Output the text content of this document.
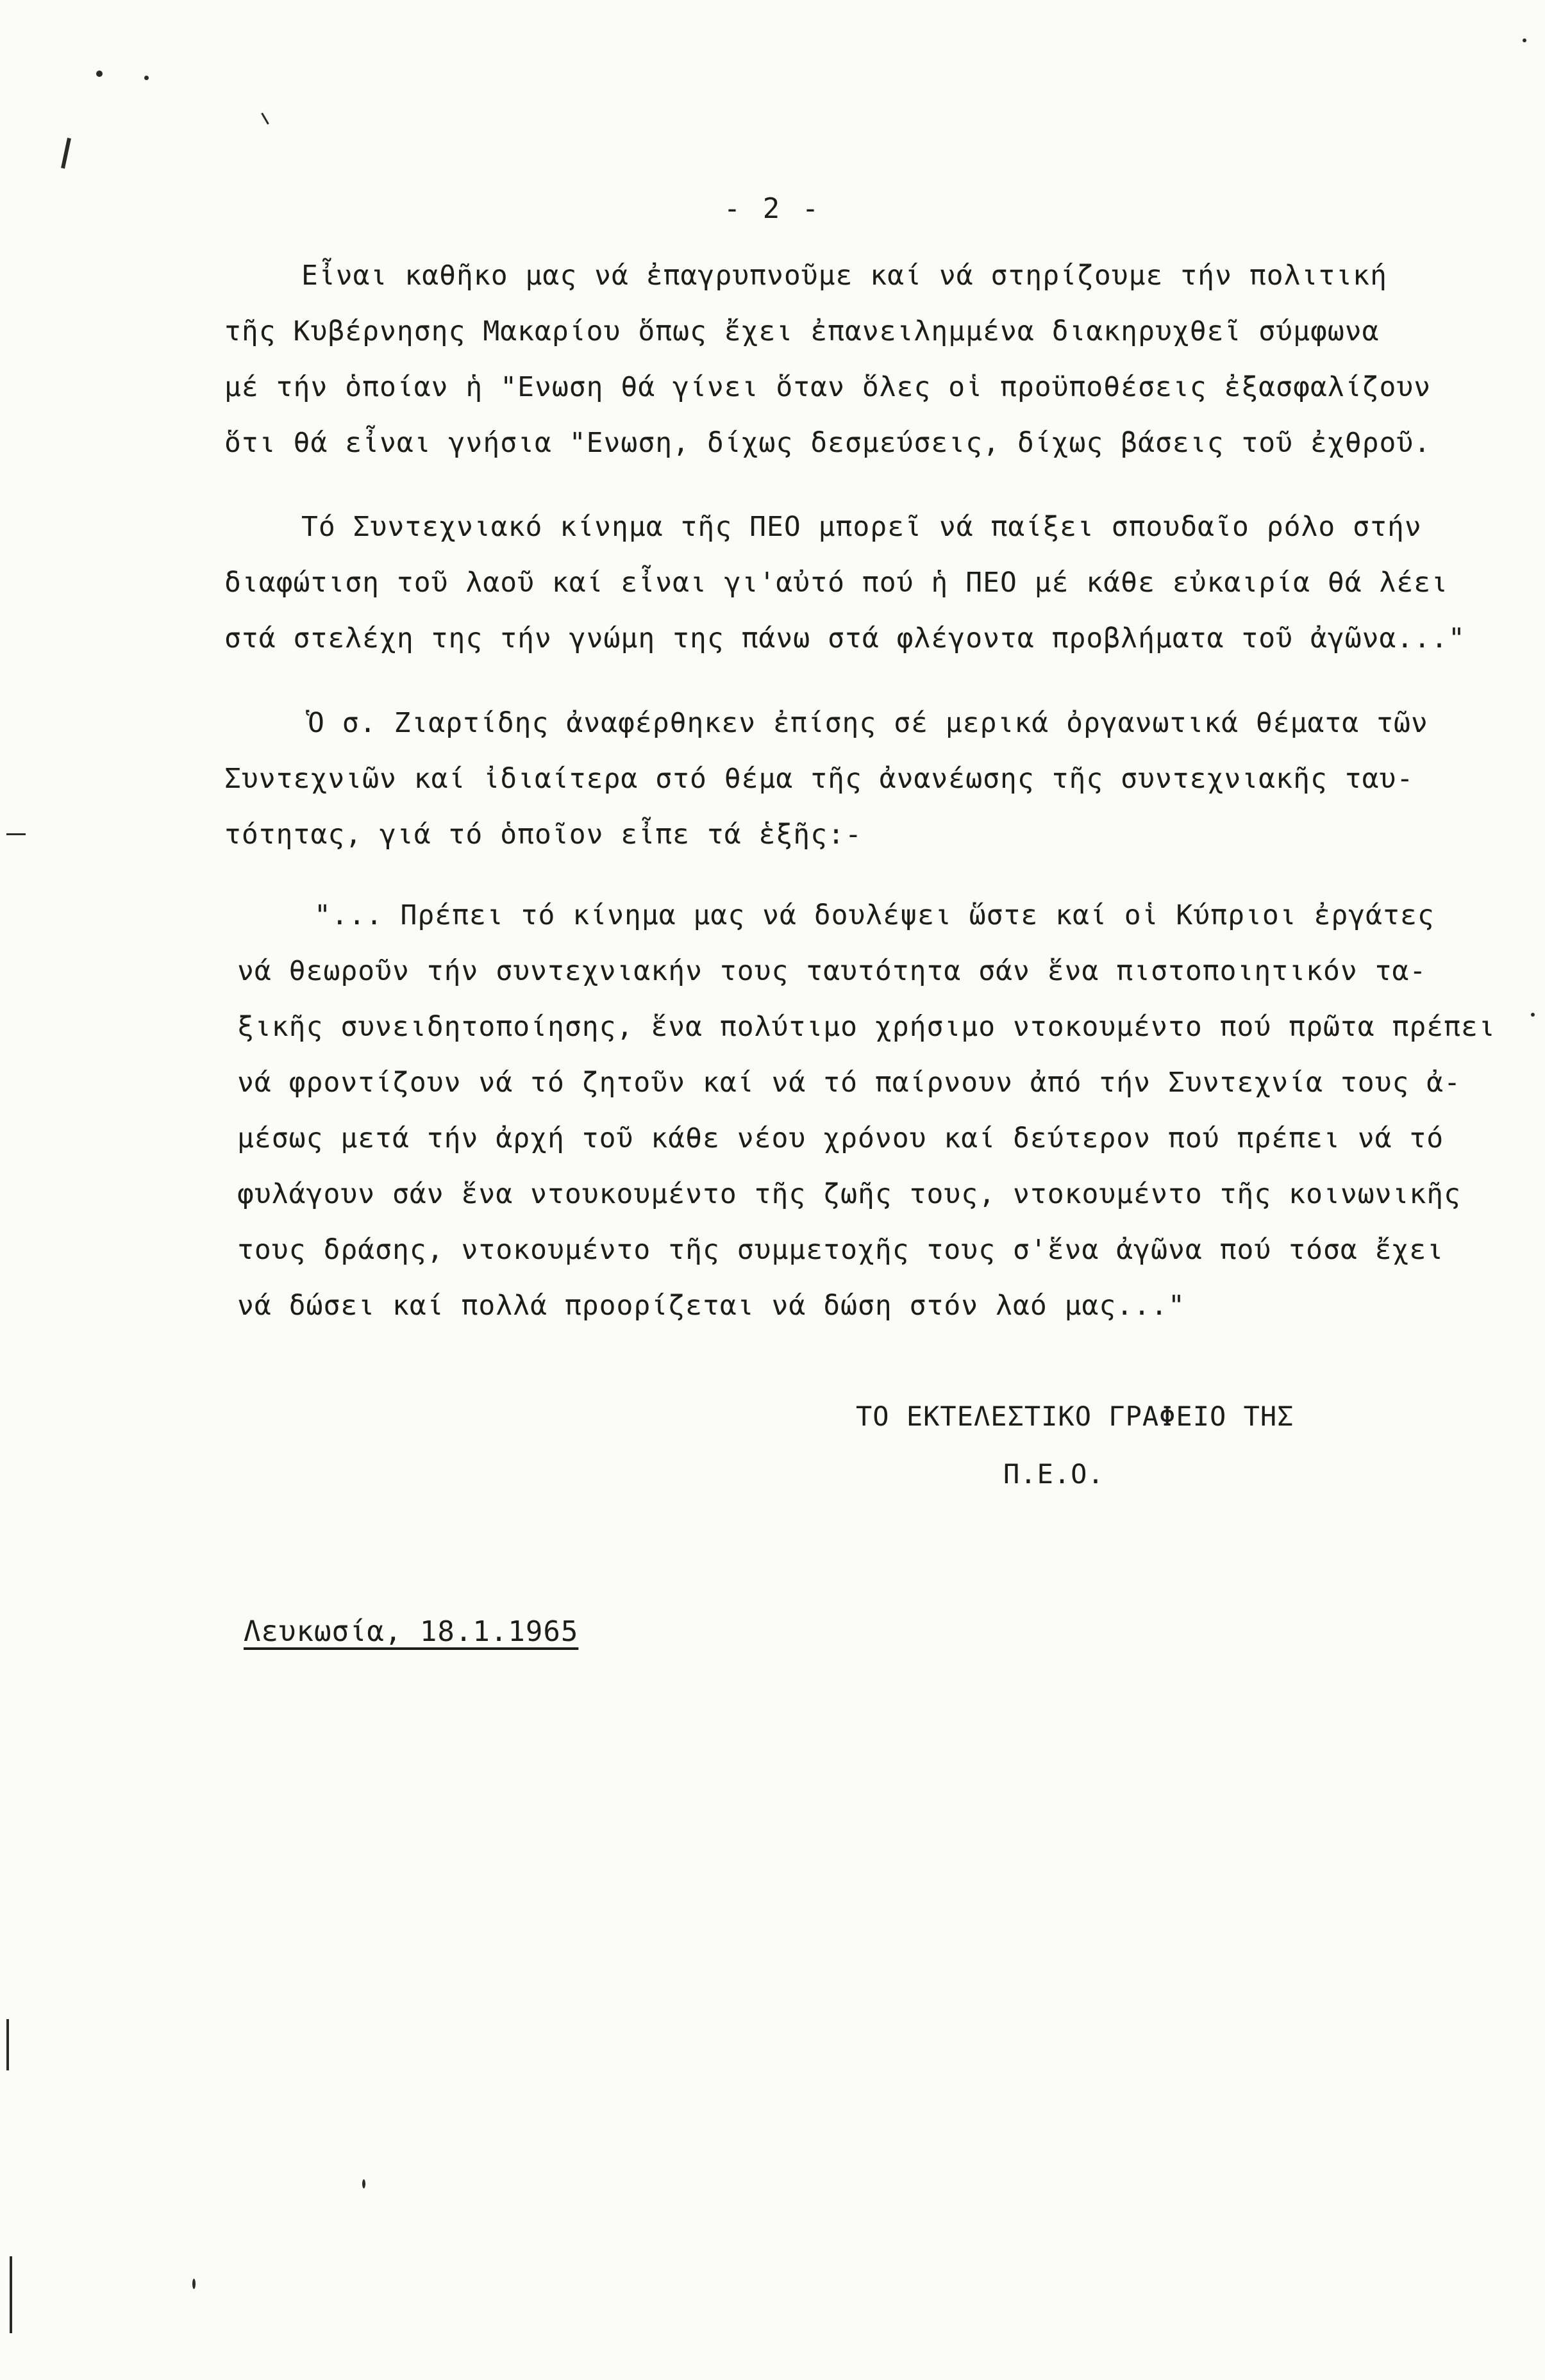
- 2 -
Εἶναι καθῆκο μας νά ἐπαγρυπνοῦμε καί νά στηρίζουμε τήν πολιτική
τῆς Κυβέρνησης Μακαρίου ὅπως ἔχει ἐπανειλημμένα διακηρυχθεῖ σύμφωνα
μέ τήν ὁποίαν ἡ "Ενωση θά γίνει ὅταν ὅλες οἱ προϋποθέσεις ἐξασφαλίζουν
ὅτι θά εἶναι γνήσια "Ενωση, δίχως δεσμεύσεις, δίχως βάσεις τοῦ ἐχθροῦ.
Τό Συντεχνιακό κίνημα τῆς ΠΕΟ μπορεῖ νά παίξει σπουδαῖο ρόλο στήν
διαφώτιση τοῦ λαοῦ καί εἶναι γι'αὐτό πού ἡ ΠΕΟ μέ κάθε εὐκαιρία θά λέει
στά στελέχη της τήν γνώμη της πάνω στά φλέγοντα προβλήματα τοῦ ἀγῶνα..."
Ὁ σ. Ζιαρτίδης ἀναφέρθηκεν ἐπίσης σέ μερικά ὀργανωτικά θέματα τῶν
Συντεχνιῶν καί ἰδιαίτερα στό θέμα τῆς ἀνανέωσης τῆς συντεχνιακῆς ταυ-
τότητας, γιά τό ὁποῖον εἶπε τά ἑξῆς:-
"... Πρέπει τό κίνημα μας νά δουλέψει ὥστε καί οἱ Κύπριοι ἐργάτες
νά θεωροῦν τήν συντεχνιακήν τους ταυτότητα σάν ἕνα πιστοποιητικόν τα-
ξικῆς συνειδητοποίησης, ἕνα πολύτιμο χρήσιμο ντοκουμέντο πού πρῶτα πρέπει
νά φροντίζουν νά τό ζητοῦν καί νά τό παίρνουν ἀπό τήν Συντεχνία τους ἀ-
μέσως μετά τήν ἀρχή τοῦ κάθε νέου χρόνου καί δεύτερον πού πρέπει νά τό
φυλάγουν σάν ἕνα ντουκουμέντο τῆς ζωῆς τους, ντοκουμέντο τῆς κοινωνικῆς
τους δράσης, ντοκουμέντο τῆς συμμετοχῆς τους σ'ἕνα ἀγῶνα πού τόσα ἔχει
νά δώσει καί πολλά προορίζεται νά δώση στόν λαό μας..."
ΤΟ ΕΚΤΕΛΕΣΤΙΚΟ ΓΡΑΦΕΙΟ ΤΗΣ
Π.Ε.Ο.
Λευκωσία, 18.1.1965
